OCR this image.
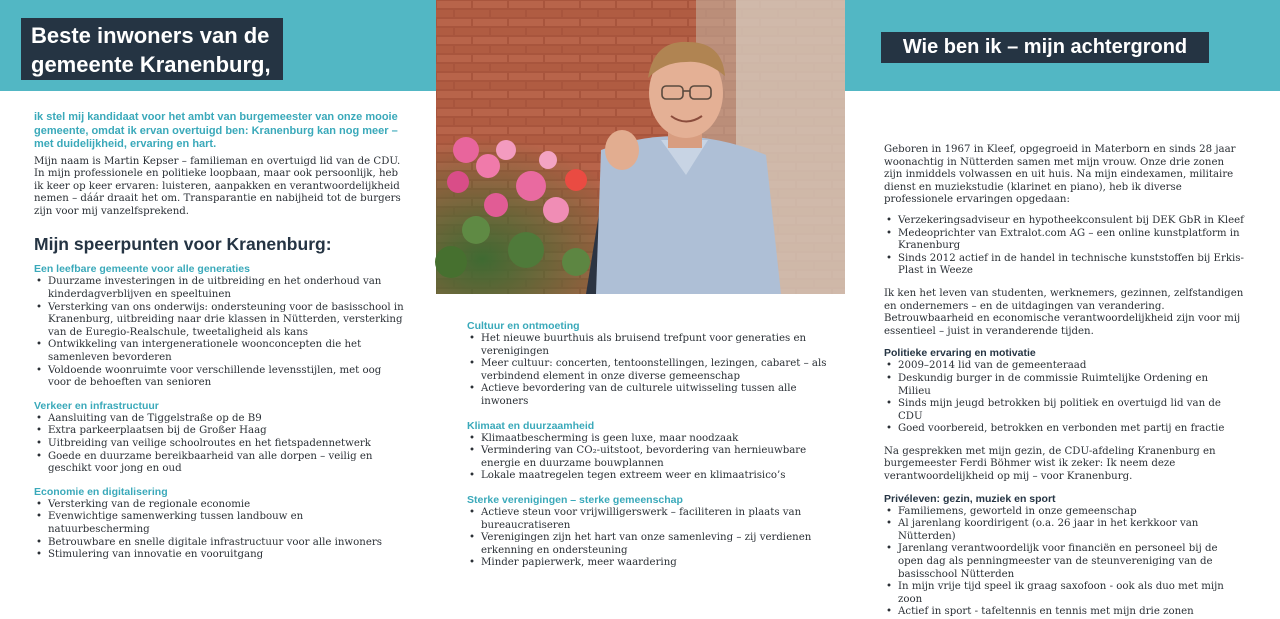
Beste inwoners van de gemeente Kranenburg,
Wie ben ik – mijn achtergrond

ik stel mij kandidaat voor het ambt van burgemeester van onze mooie gemeente, omdat ik ervan overtuigd ben: Kranenburg kan nog meer – met duidelijkheid, ervaring en hart.

Mijn naam is Martin Kepser – familieman en overtuigd lid van de CDU. In mijn professionele en politieke loopbaan, maar ook persoonlijk, heb ik keer op keer ervaren: luisteren, aanpakken en verantwoordelijkheid nemen – dáár draait het om. Transparantie en nabijheid tot de burgers zijn voor mij vanzelfsprekend.

Mijn speerpunten voor Kranenburg:
Een leefbare gemeente voor alle generaties
• Duurzame investeringen in de uitbreiding en het onderhoud van kinderdagverblijven en speeltuinen
• Versterking van ons onderwijs: ondersteuning voor de basisschool in Kranenburg, uitbreiding naar drie klassen in Nütterden, versterking van de Euregio-Realschule, tweetaligheid als kans
• Ontwikkeling van intergenerationele woonconcepten die het samenleven bevorderen
• Voldoende woonruimte voor verschillende levensstijlen, met oog voor de behoeften van senioren
Verkeer en infrastructuur
• Aansluiting van de Tiggelstraße op de B9
• Extra parkeerplaatsen bij de Großer Haag
• Uitbreiding van veilige schoolroutes en het fietspadennetwerk
• Goede en duurzame bereikbaarheid van alle dorpen – veilig en geschikt voor jong en oud
Economie en digitalisering
• Versterking van de regionale economie
• Evenwichtige samenwerking tussen landbouw en natuurbescherming
• Betrouwbare en snelle digitale infrastructuur voor alle inwoners
• Stimulering van innovatie en vooruitgang
Cultuur en ontmoeting
• Het nieuwe buurthuis als bruisend trefpunt voor generaties en verenigingen
• Meer cultuur: concerten, tentoonstellingen, lezingen, cabaret – als verbindend element in onze diverse gemeenschap
• Actieve bevordering van de culturele uitwisseling tussen alle inwoners
Klimaat en duurzaamheid
• Klimaatbescherming is geen luxe, maar noodzaak
• Vermindering van CO₂-uitstoot, bevordering van hernieuwbare energie en duurzame bouwplannen
• Lokale maatregelen tegen extreem weer en klimaatrisico’s
Sterke verenigingen – sterke gemeenschap
• Actieve steun voor vrijwilligerswerk – faciliteren in plaats van bureaucratiseren
• Verenigingen zijn het hart van onze samenleving – zij verdienen erkenning en ondersteuning
• Minder papierwerk, meer waardering

Geboren in 1967 in Kleef, opgegroeid in Materborn en sinds 28 jaar woonachtig in Nütterden samen met mijn vrouw. Onze drie zonen zijn inmiddels volwassen en uit huis. Na mijn eindexamen, militaire dienst en muziekstudie (klarinet en piano), heb ik diverse professionele ervaringen opgedaan:

• Verzekeringsadviseur en hypotheekconsulent bij DEK GbR in Kleef
• Medeoprichter van Extralot.com AG – een online kunstplatform in Kranenburg
• Sinds 2012 actief in de handel in technische kunststoffen bij Erkis-Plast in Weeze

Ik ken het leven van studenten, werknemers, gezinnen, zelfstandigen en ondernemers – en de uitdagingen van verandering. Betrouwbaarheid en economische verantwoordelijkheid zijn voor mij essentieel – juist in veranderende tijden.

Politieke ervaring en motivatie
• 2009–2014 lid van de gemeenteraad
• Deskundig burger in de commissie Ruimtelijke Ordening en Milieu
• Sinds mijn jeugd betrokken bij politiek en overtuigd lid van de CDU
• Goed voorbereid, betrokken en verbonden met partij en fractie

Na gesprekken met mijn gezin, de CDU-afdeling Kranenburg en burgemeester Ferdi Böhmer wist ik zeker: Ik neem deze verantwoordelijkheid op mij – voor Kranenburg.

Privéleven: gezin, muziek en sport
• Familiemens, geworteld in onze gemeenschap
• Al jarenlang koordirigent (o.a. 26 jaar in het kerkkoor van Nütterden)
• Jarenlang verantwoordelijk voor financiën en personeel bij de open dag als penningmeester van de steunvereniging van de basisschool Nütterden
• In mijn vrije tijd speel ik graag saxofoon - ook als duo met mijn zoon
• Actief in sport - tafeltennis en tennis met mijn drie zonen
